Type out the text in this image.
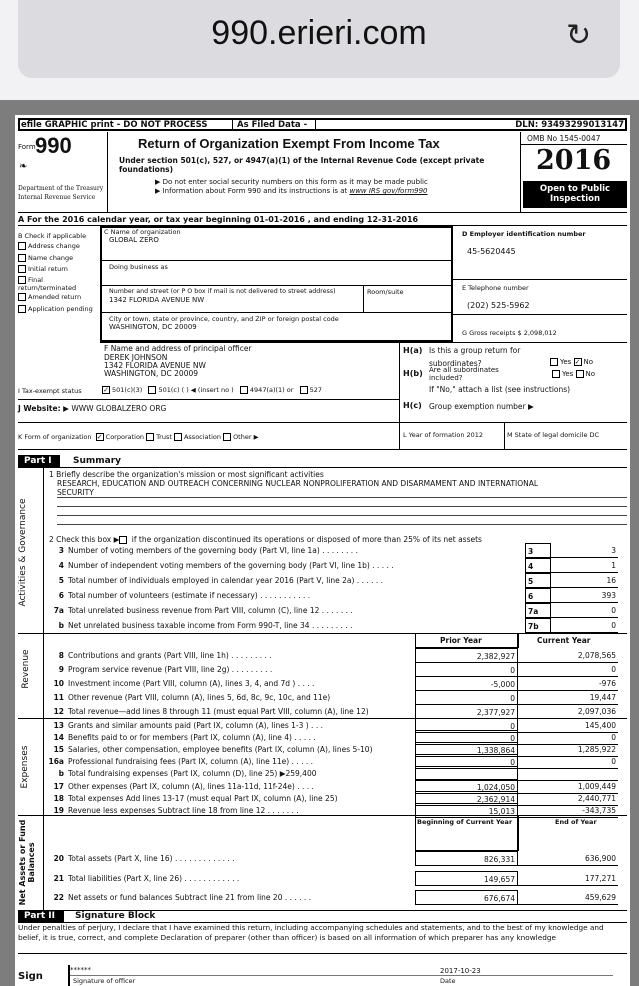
990.erieri.com	↻
efile GRAPHIC print - DO NOT PROCESS	As Filed Data -	DLN: 93493299013147
Form 990
❧
Department of the Treasury
Internal Revenue Service
Return of Organization Exempt From Income Tax
Under section 501(c), 527, or 4947(a)(1) of the Internal Revenue Code (except private foundations)
▶ Do not enter social security numbers on this form as it may be made public
▶ Information about Form 990 and its instructions is at www IRS gov/form990
OMB No 1545-0047
2016
Open to Public Inspection
A For the 2016 calendar year, or tax year beginning 01-01-2016 , and ending 12-31-2016
B Check if applicable
Address change
Name change
Initial return
Final return/terminated
Amended return
Application pending
C Name of organization
GLOBAL ZERO
Doing business as
Number and street (or P O box if mail is not delivered to street address)
1342 FLORIDA AVENUE NW
Room/suite
City or town, state or province, country, and ZIP or foreign postal code
WASHINGTON, DC 20009
D Employer identification number
45-5620445
E Telephone number
(202) 525-5962
G Gross receipts $ 2,098,012
F Name and address of principal officer
DEREK JOHNSON
1342 FLORIDA AVENUE NW
WASHINGTON, DC 20009
H(a) Is this a group return for
subordinates?	Yes ✓ No
H(b) Are all subordinates
included?	Yes No
If "No," attach a list (see instructions)
H(c) Group exemption number ▶
I Tax-exempt status	✓ 501(c)(3) 501(c) ( ) ◀ (insert no ) 4947(a)(1) or 527
J Website: ▶ WWW GLOBALZERO ORG
K Form of organization ✓ Corporation Trust Association Other ▶	L Year of formation 2012	M State of legal domicile DC
Part I	Summary
1 Briefly describe the organization's mission or most significant activities
RESEARCH, EDUCATION AND OUTREACH CONCERNING NUCLEAR NONPROLIFERATION AND DISARMAMENT AND INTERNATIONAL
SECURITY
2 Check this box ▶ if the organization discontinued its operations or disposed of more than 25% of its net assets
Activities & Governance
Revenue
Prior Year	Current Year
Expenses
Net Assets or Fund Balances
Beginning of Current Year	End of Year
Part II	Signature Block
Under penalties of perjury, I declare that I have examined this return, including accompanying schedules and statements, and to the best of my knowledge and belief, it is true, correct, and complete Declaration of preparer (other than officer) is based on all information of which preparer has any knowledge
******
Signature of officer
2017-10-23
Date
Sign
3 Number of voting members of the governing body (Part VI, line 1a) . . . . . . . .	3	3
4 Number of independent voting members of the governing body (Part VI, line 1b) . . . . .	4	1
5 Total number of individuals employed in calendar year 2016 (Part V, line 2a) . . . . . .	5	16
6 Total number of volunteers (estimate if necessary) . . . . . . . . . . .	6	393
7a Total unrelated business revenue from Part VIII, column (C), line 12 . . . . . . .	7a	0
b Net unrelated business taxable income from Form 990-T, line 34 . . . . . . . . .	7b	0
8 Contributions and grants (Part VIII, line 1h) . . . . . . . . .	2,382,927	2,078,565
9 Program service revenue (Part VIII, line 2g) . . . . . . . . .	0	0
10 Investment income (Part VIII, column (A), lines 3, 4, and 7d ) . . . .	-5,000	-976
11 Other revenue (Part VIII, column (A), lines 5, 6d, 8c, 9c, 10c, and 11e)	0	19,447
12 Total revenue—add lines 8 through 11 (must equal Part VIII, column (A), line 12)	2,377,927	2,097,036
13 Grants and similar amounts paid (Part IX, column (A), lines 1-3 ) . . .	0	145,400
14 Benefits paid to or for members (Part IX, column (A), line 4) . . . . .	0	0
15 Salaries, other compensation, employee benefits (Part IX, column (A), lines 5-10)	1,338,864	1,285,922
16a Professional fundraising fees (Part IX, column (A), line 11e) . . . . .	0	0
b Total fundraising expenses (Part IX, column (D), line 25) ▶259,400
17 Other expenses (Part IX, column (A), lines 11a-11d, 11f-24e) . . . .	1,024,050	1,009,449
18 Total expenses Add lines 13-17 (must equal Part IX, column (A), line 25)	2,362,914	2,440,771
19 Revenue less expenses Subtract line 18 from line 12 . . . . . . .	15,013	-343,735
20 Total assets (Part X, line 16) . . . . . . . . . . . . .	826,331	636,900
21 Total liabilities (Part X, line 26) . . . . . . . . . . . .	149,657	177,271
22 Net assets or fund balances Subtract line 21 from line 20 . . . . . .	676,674	459,629
